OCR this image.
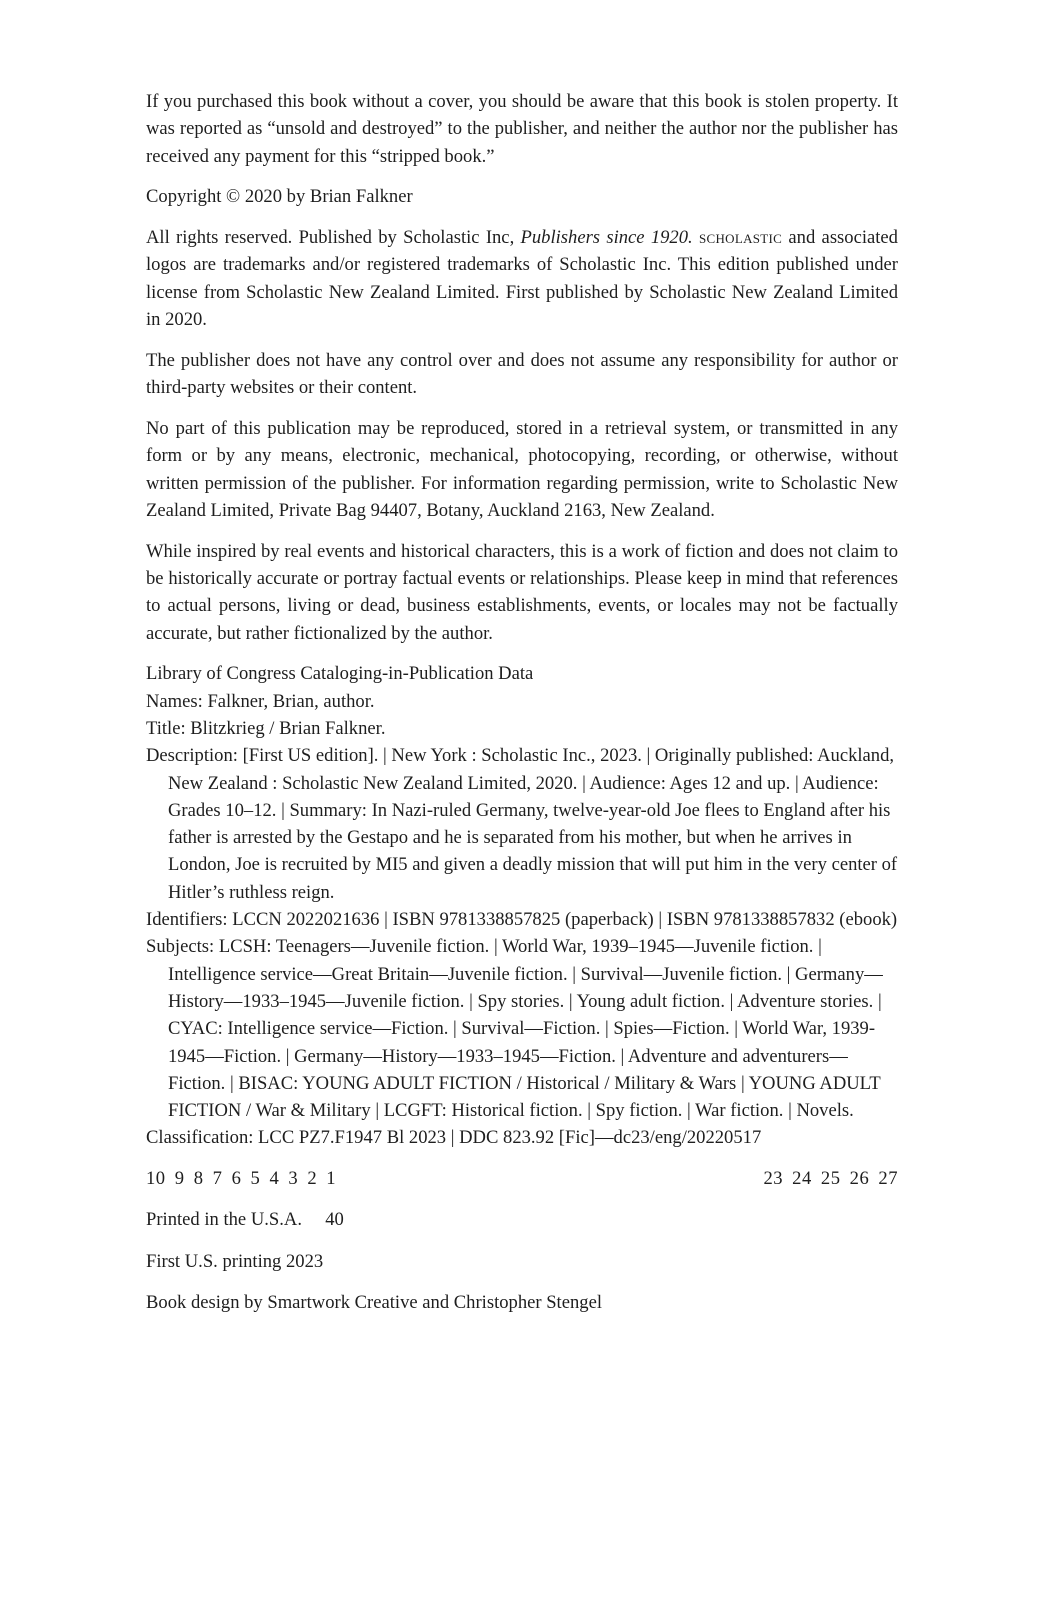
If you purchased this book without a cover, you should be aware that this book is stolen property. It was reported as “unsold and destroyed” to the publisher, and neither the author nor the publisher has received any payment for this “stripped book.”

Copyright © 2020 by Brian Falkner

All rights reserved. Published by Scholastic Inc, Publishers since 1920. scholastic and associated logos are trademarks and/or registered trademarks of Scholastic Inc. This edition published under license from Scholastic New Zealand Limited. First published by Scholastic New Zealand Limited in 2020.

The publisher does not have any control over and does not assume any responsibility for author or third-party websites or their content.

No part of this publication may be reproduced, stored in a retrieval system, or transmitted in any form or by any means, electronic, mechanical, photocopying, recording, or otherwise, without written permission of the publisher. For information regarding permission, write to Scholastic New Zealand Limited, Private Bag 94407, Botany, Auckland 2163, New Zealand.

While inspired by real events and historical characters, this is a work of fiction and does not claim to be historically accurate or portray factual events or relationships. Please keep in mind that references to actual persons, living or dead, business establishments, events, or locales may not be factually accurate, but rather fictionalized by the author.

Library of Congress Cataloging-in-Publication Data
Names: Falkner, Brian, author.
Title: Blitzkrieg / Brian Falkner.
Description: [First US edition]. | New York : Scholastic Inc., 2023. | Originally published: Auckland, New Zealand : Scholastic New Zealand Limited, 2020. | Audience: Ages 12 and up. | Audience: Grades 10–12. | Summary: In Nazi-ruled Germany, twelve-year-old Joe flees to England after his father is arrested by the Gestapo and he is separated from his mother, but when he arrives in London, Joe is recruited by MI5 and given a deadly mission that will put him in the very center of Hitler’s ruthless reign.
Identifiers: LCCN 2022021636 | ISBN 9781338857825 (paperback) | ISBN 9781338857832 (ebook)
Subjects: LCSH: Teenagers—Juvenile fiction. | World War, 1939–1945—Juvenile fiction. | Intelligence service—Great Britain—Juvenile fiction. | Survival—Juvenile fiction. | Germany—History—1933–1945—Juvenile fiction. | Spy stories. | Young adult fiction. | Adventure stories. | CYAC: Intelligence service—Fiction. | Survival—Fiction. | Spies—Fiction. | World War, 1939-1945—Fiction. | Germany—History—1933–1945—Fiction. | Adventure and adventurers—Fiction. | BISAC: YOUNG ADULT FICTION / Historical / Military & Wars | YOUNG ADULT FICTION / War & Military | LCGFT: Historical fiction. | Spy fiction. | War fiction. | Novels.
Classification: LCC PZ7.F1947 Bl 2023 | DDC 823.92 [Fic]—dc23/eng/20220517
10 9 8 7 6 5 4 3 2 1	23 24 25 26 27
Printed in the U.S.A.  40
First U.S. printing 2023
Book design by Smartwork Creative and Christopher Stengel
